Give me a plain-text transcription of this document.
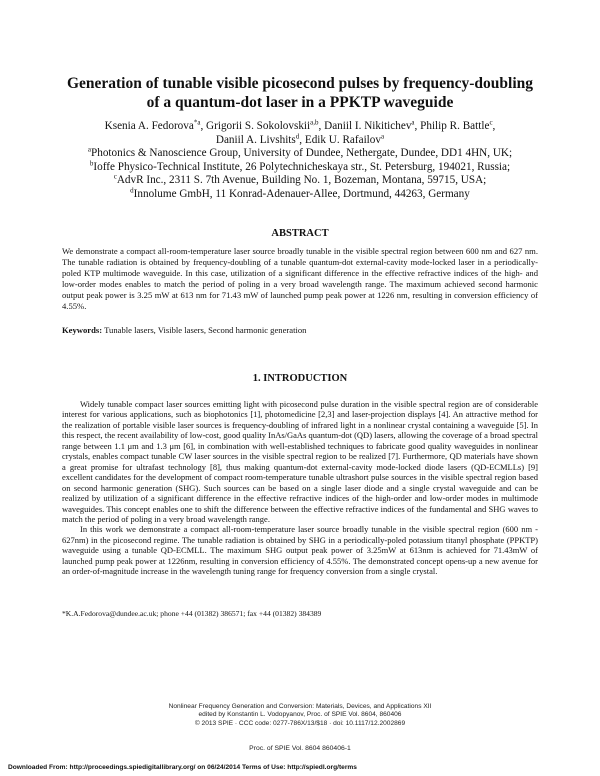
Generation of tunable visible picosecond pulses by frequency-doubling
of a quantum-dot laser in a PPKTP waveguide
Ksenia A. Fedorova$^{*a}$, Grigorii S. Sokolovskii$^{a,b}$, Daniil I. Nikitichev$^a$, Philip R. Battle$^c$,
Daniil A. Livshits$^d$, Edik U. Rafailov$^a$
$^a$Photonics & Nanoscience Group, University of Dundee, Nethergate, Dundee, DD1 4HN, UK;
$^b$Ioffe Physico-Technical Institute, 26 Polytechnicheskaya str., St. Petersburg, 194021, Russia;
$^c$AdvR Inc., 2311 S. 7th Avenue, Building No. 1, Bozeman, Montana, 59715, USA;
$^d$Innolume GmbH, 11 Konrad-Adenauer-Allee, Dortmund, 44263, Germany
ABSTRACT
We demonstrate a compact all-room-temperature laser source broadly tunable in the visible spectral region between 600 nm and 627 nm. The tunable radiation is obtained by frequency-doubling of a tunable quantum-dot external-cavity mode-locked laser in a periodically-poled KTP multimode waveguide. In this case, utilization of a significant difference in the effective refractive indices of the high- and low-order modes enables to match the period of poling in a very broad wavelength range. The maximum achieved second harmonic output peak power is 3.25 mW at 613 nm for 71.43 mW of launched pump peak power at 1226 nm, resulting in conversion efficiency of 4.55%.
Keywords: Tunable lasers, Visible lasers, Second harmonic generation
1. INTRODUCTION

Widely tunable compact laser sources emitting light with picosecond pulse duration in the visible spectral region are of considerable interest for various applications, such as biophotonics [1], photomedicine [2,3] and laser-projection displays [4]. An attractive method for the realization of portable visible laser sources is frequency-doubling of infrared light in a nonlinear crystal containing a waveguide [5]. In this respect, the recent availability of low-cost, good quality InAs/GaAs quantum-dot (QD) lasers, allowing the coverage of a broad spectral range between 1.1 μm and 1.3 μm [6], in combination with well-established techniques to fabricate good quality waveguides in nonlinear crystals, enables compact tunable CW laser sources in the visible spectral region to be realized [7]. Furthermore, QD materials have shown a great promise for ultrafast technology [8], thus making quantum-dot external-cavity mode-locked diode lasers (QD-ECMLLs) [9] excellent candidates for the development of compact room-temperature tunable ultrashort pulse sources in the visible spectral region based on second harmonic generation (SHG). Such sources can be based on a single laser diode and a single crystal waveguide and can be realized by utilization of a significant difference in the effective refractive indices of the high-order and low-order modes in multimode waveguides. This concept enables one to shift the difference between the effective refractive indices of the fundamental and SHG waves to match the period of poling in a very broad wavelength range.

In this work we demonstrate a compact all-room-temperature laser source broadly tunable in the visible spectral region (600 nm - 627nm) in the picosecond regime. The tunable radiation is obtained by SHG in a periodically-poled potassium titanyl phosphate (PPKTP) waveguide using a tunable QD-ECMLL. The maximum SHG output peak power of 3.25mW at 613nm is achieved for 71.43mW of launched pump peak power at 1226nm, resulting in conversion efficiency of 4.55%. The demonstrated concept opens-up a new avenue for an order-of-magnitude increase in the wavelength tuning range for frequency conversion from a single crystal.

*K.A.Fedorova@dundee.ac.uk; phone +44 (01382) 386571; fax +44 (01382) 384389
Nonlinear Frequency Generation and Conversion: Materials, Devices, and Applications XII
edited by Konstantin L. Vodopyanov, Proc. of SPIE Vol. 8604, 860406
© 2013 SPIE · CCC code: 0277-786X/13/$18 · doi: 10.1117/12.2002869
Proc. of SPIE Vol. 8604 860406-1
Downloaded From: http://proceedings.spiedigitallibrary.org/ on 06/24/2014 Terms of Use: http://spiedl.org/terms
